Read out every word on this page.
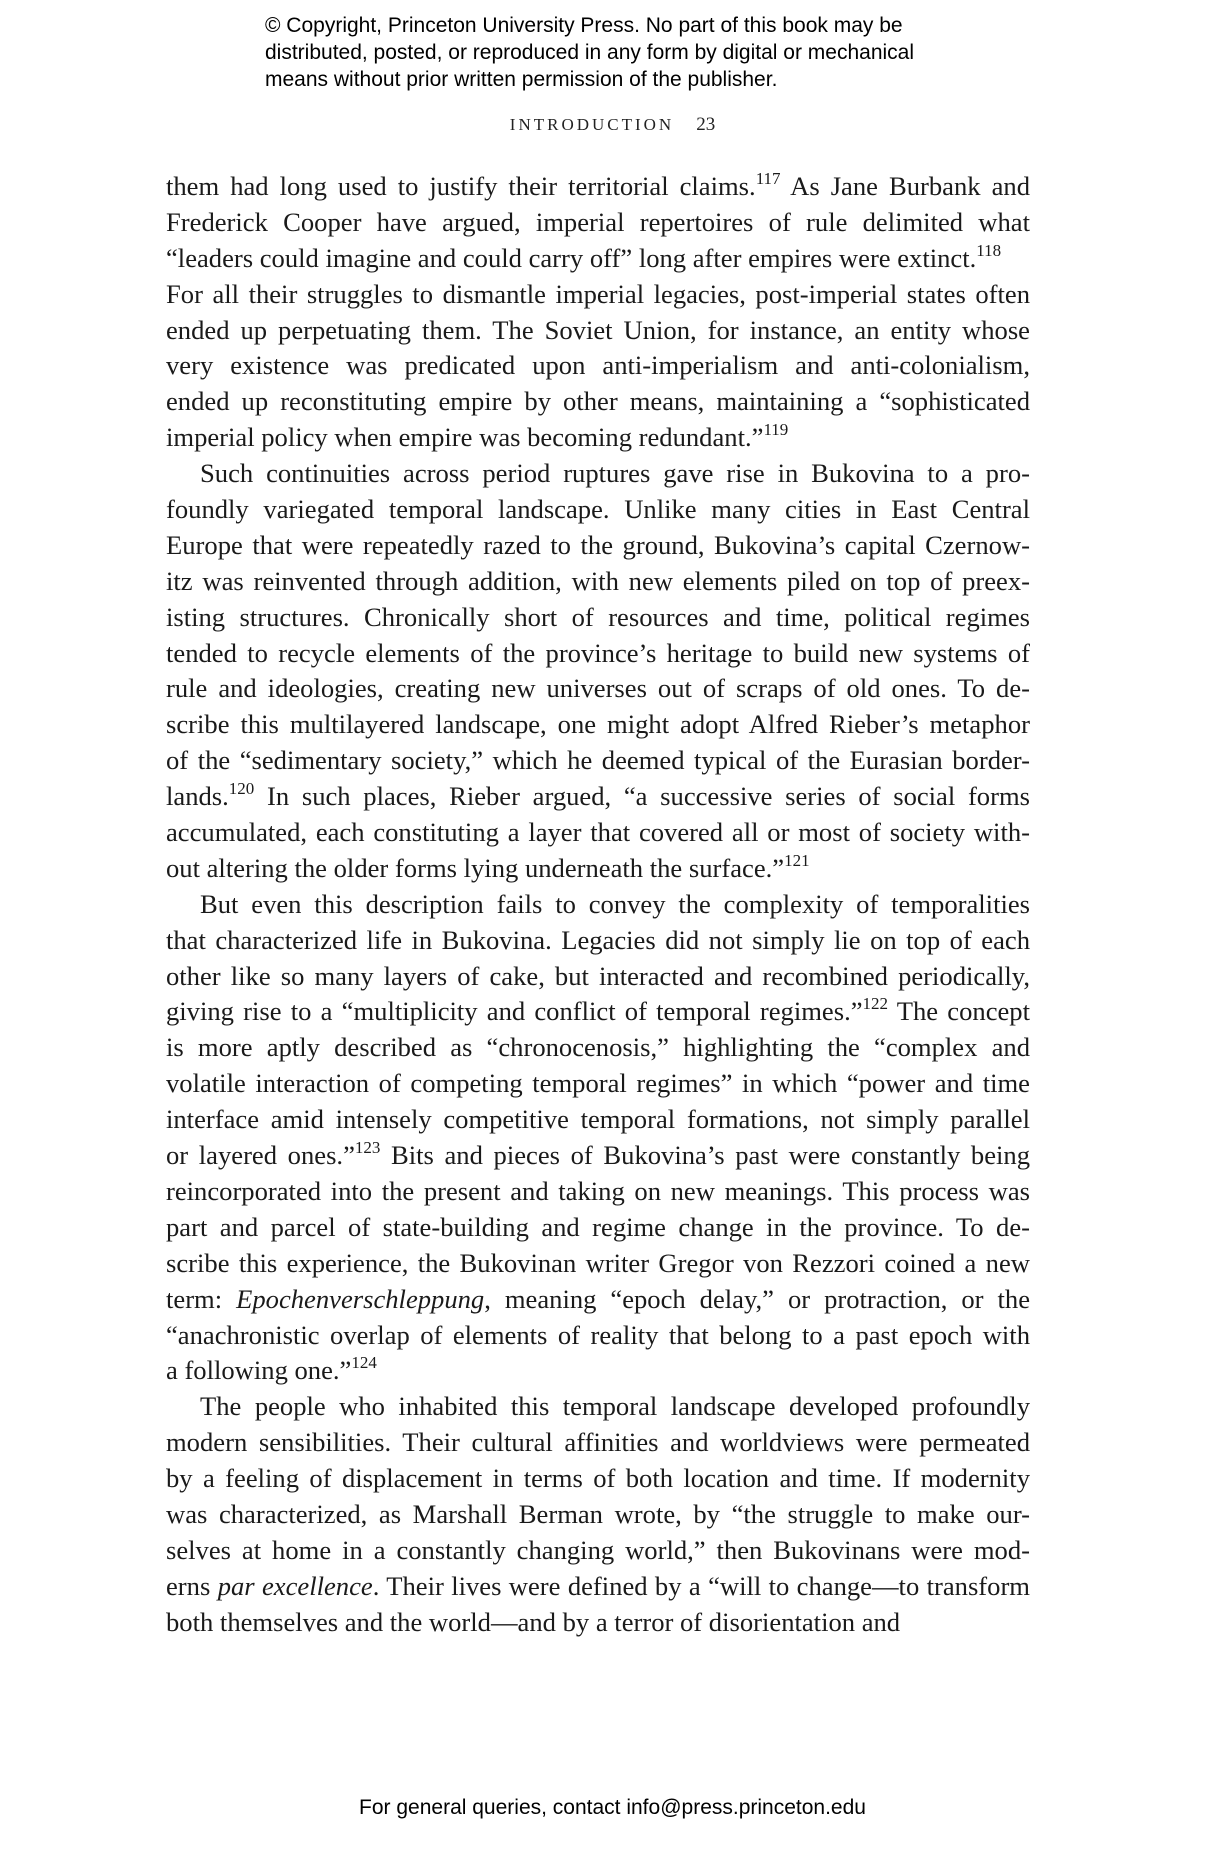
© Copyright, Princeton University Press. No part of this book may be
distributed, posted, or reproduced in any form by digital or mechanical
means without prior written permission of the publisher.
INTRODUCTION 23
them had long used to justify their territorial claims.$^{117}$ As Jane Burbank and
Frederick Cooper have argued, imperial repertoires of rule delimited what
“leaders could imagine and could carry off” long after empires were extinct.$^{118}$
For all their struggles to dismantle imperial legacies, post-imperial states often
ended up perpetuating them. The Soviet Union, for instance, an entity whose
very existence was predicated upon anti-imperialism and anti-colonialism,
ended up reconstituting empire by other means, maintaining a “sophisticated
imperial policy when empire was becoming redundant.”$^{119}$
Such continuities across period ruptures gave rise in Bukovina to a pro-
foundly variegated temporal landscape. Unlike many cities in East Central
Europe that were repeatedly razed to the ground, Bukovina’s capital Czernow-
itz was reinvented through addition, with new elements piled on top of preex-
isting structures. Chronically short of resources and time, political regimes
tended to recycle elements of the province’s heritage to build new systems of
rule and ideologies, creating new universes out of scraps of old ones. To de-
scribe this multilayered landscape, one might adopt Alfred Rieber’s metaphor
of the “sedimentary society,” which he deemed typical of the Eurasian border-
lands.$^{120}$ In such places, Rieber argued, “a successive series of social forms
accumulated, each constituting a layer that covered all or most of society with-
out altering the older forms lying underneath the surface.”$^{121}$
But even this description fails to convey the complexity of temporalities
that characterized life in Bukovina. Legacies did not simply lie on top of each
other like so many layers of cake, but interacted and recombined periodically,
giving rise to a “multiplicity and conflict of temporal regimes.”$^{122}$ The concept
is more aptly described as “chronocenosis,” highlighting the “complex and
volatile interaction of competing temporal regimes” in which “power and time
interface amid intensely competitive temporal formations, not simply parallel
or layered ones.”$^{123}$ Bits and pieces of Bukovina’s past were constantly being
reincorporated into the present and taking on new meanings. This process was
part and parcel of state-building and regime change in the province. To de-
scribe this experience, the Bukovinan writer Gregor von Rezzori coined a new
term: Epochenverschleppung, meaning “epoch delay,” or protraction, or the
“anachronistic overlap of elements of reality that belong to a past epoch with
a following one.”$^{124}$
The people who inhabited this temporal landscape developed profoundly
modern sensibilities. Their cultural affinities and worldviews were permeated
by a feeling of displacement in terms of both location and time. If modernity
was characterized, as Marshall Berman wrote, by “the struggle to make our-
selves at home in a constantly changing world,” then Bukovinans were mod-
erns par excellence. Their lives were defined by a “will to change—to transform
both themselves and the world—and by a terror of disorientation and
For general queries, contact info@press.princeton.edu
